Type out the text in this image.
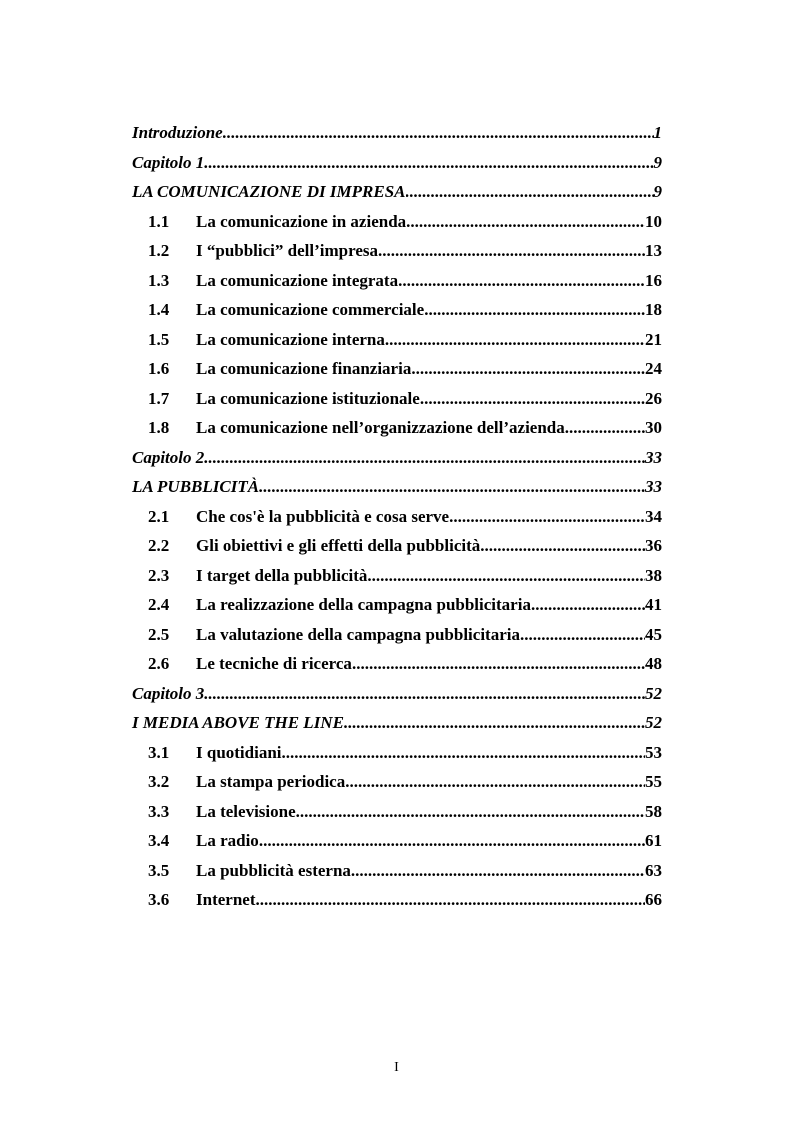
Introduzione .....	1
Capitolo 1 .....	9
LA COMUNICAZIONE DI IMPRESA .....	9
1.1	La comunicazione in azienda .....	10
1.2	I “pubblici” dell’impresa .....	13
1.3	La comunicazione integrata .....	16
1.4	La comunicazione commerciale .....	18
1.5	La comunicazione interna .....	21
1.6	La comunicazione finanziaria .....	24
1.7	La comunicazione istituzionale .....	26
1.8	La comunicazione nell’organizzazione dell’azienda .....	30
Capitolo 2 .....	33
LA PUBBLICITÀ .....	33
2.1	Che cos'è la pubblicità e cosa serve .....	34
2.2	Gli obiettivi e gli effetti della pubblicità .....	36
2.3	I target della pubblicità .....	38
2.4	La realizzazione della campagna pubblicitaria .....	41
2.5	La valutazione della campagna pubblicitaria .....	45
2.6	Le tecniche di ricerca .....	48
Capitolo 3 .....	52
I MEDIA ABOVE THE LINE .....	52
3.1	I quotidiani .....	53
3.2	La stampa periodica .....	55
3.3	La televisione .....	58
3.4	La radio .....	61
3.5	La pubblicità esterna .....	63
3.6	Internet .....	66
I
